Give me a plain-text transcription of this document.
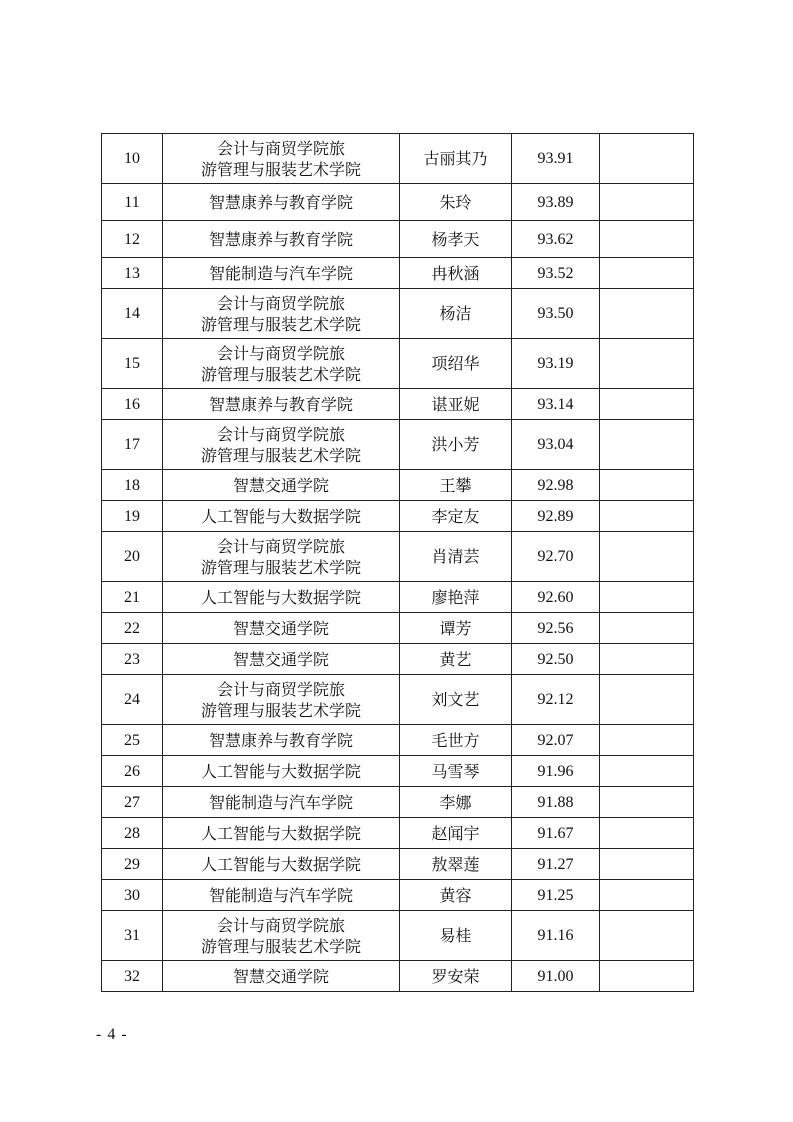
10	会计与商贸学院旅
游管理与服装艺术学院	古丽其乃	93.91	
11	智慧康养与教育学院	朱玲	93.89	
12	智慧康养与教育学院	杨孝天	93.62	
13	智能制造与汽车学院	冉秋涵	93.52	
14	会计与商贸学院旅
游管理与服装艺术学院	杨洁	93.50	
15	会计与商贸学院旅
游管理与服装艺术学院	项绍华	93.19	
16	智慧康养与教育学院	谌亚妮	93.14	
17	会计与商贸学院旅
游管理与服装艺术学院	洪小芳	93.04	
18	智慧交通学院	王攀	92.98	
19	人工智能与大数据学院	李定友	92.89	
20	会计与商贸学院旅
游管理与服装艺术学院	肖清芸	92.70	
21	人工智能与大数据学院	廖艳萍	92.60	
22	智慧交通学院	谭芳	92.56	
23	智慧交通学院	黄艺	92.50	
24	会计与商贸学院旅
游管理与服装艺术学院	刘文艺	92.12	
25	智慧康养与教育学院	毛世方	92.07	
26	人工智能与大数据学院	马雪琴	91.96	
27	智能制造与汽车学院	李娜	91.88	
28	人工智能与大数据学院	赵闻宇	91.67	
29	人工智能与大数据学院	敖翠莲	91.27	
30	智能制造与汽车学院	黄容	91.25	
31	会计与商贸学院旅
游管理与服装艺术学院	易桂	91.16	
32	智慧交通学院	罗安荣	91.00	
- 4 -
